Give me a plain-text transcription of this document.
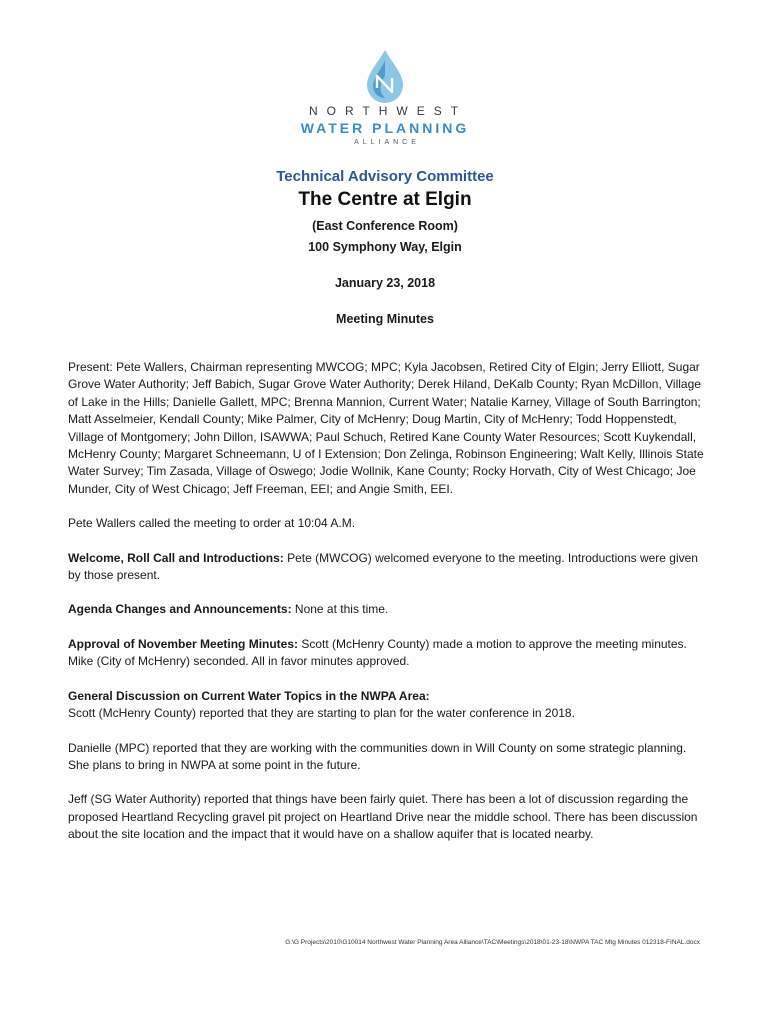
NORTHWEST
WATER PLANNING
ALLIANCE
Technical Advisory Committee
The Centre at Elgin
(East Conference Room)
100 Symphony Way, Elgin
January 23, 2018
Meeting Minutes

Present: Pete Wallers, Chairman representing MWCOG; MPC; Kyla Jacobsen, Retired City of Elgin; Jerry Elliott, Sugar Grove Water Authority; Jeff Babich, Sugar Grove Water Authority; Derek Hiland, DeKalb County; Ryan McDillon, Village of Lake in the Hills; Danielle Gallett, MPC; Brenna Mannion, Current Water; Natalie Karney, Village of South Barrington; Matt Asselmeier, Kendall County; Mike Palmer, City of McHenry; Doug Martin, City of McHenry; Todd Hoppenstedt, Village of Montgomery; John Dillon, ISAWWA; Paul Schuch, Retired Kane County Water Resources; Scott Kuykendall, McHenry County; Margaret Schneemann, U of I Extension; Don Zelinga, Robinson Engineering; Walt Kelly, Illinois State Water Survey; Tim Zasada, Village of Oswego; Jodie Wollnik, Kane County; Rocky Horvath, City of West Chicago; Joe Munder, City of West Chicago; Jeff Freeman, EEI; and Angie Smith, EEI.

Pete Wallers called the meeting to order at 10:04 A.M.

Welcome, Roll Call and Introductions: Pete (MWCOG) welcomed everyone to the meeting. Introductions were given by those present.

Agenda Changes and Announcements: None at this time.

Approval of November Meeting Minutes: Scott (McHenry County) made a motion to approve the meeting minutes. Mike (City of McHenry) seconded. All in favor minutes approved.

General Discussion on Current Water Topics in the NWPA Area:
Scott (McHenry County) reported that they are starting to plan for the water conference in 2018.

Danielle (MPC) reported that they are working with the communities down in Will County on some strategic planning. She plans to bring in NWPA at some point in the future.

Jeff (SG Water Authority) reported that things have been fairly quiet. There has been a lot of discussion regarding the proposed Heartland Recycling gravel pit project on Heartland Drive near the middle school. There has been discussion about the site location and the impact that it would have on a shallow aquifer that is located nearby.

G:\G Projects\2010\G10014 Northwest Water Planning Area Alliance\TAC\Meetings\2018\01-23-18\NWPA TAC Mtg Minutes 012318-FINAL.docx
